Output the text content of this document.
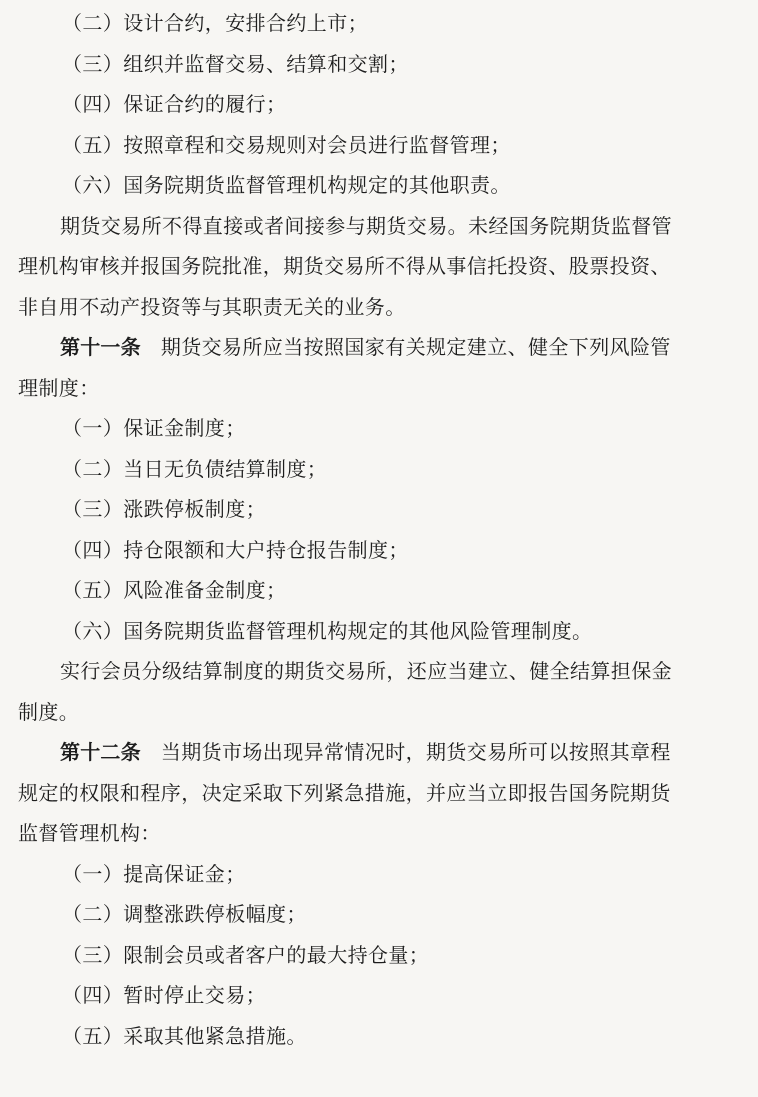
（二）设计合约，安排合约上市；
（三）组织并监督交易、结算和交割；
（四）保证合约的履行；
（五）按照章程和交易规则对会员进行监督管理；
（六）国务院期货监督管理机构规定的其他职责。
期货交易所不得直接或者间接参与期货交易。未经国务院期货监督管
理机构审核并报国务院批准，期货交易所不得从事信托投资、股票投资、
非自用不动产投资等与其职责无关的业务。
第十一条 期货交易所应当按照国家有关规定建立、健全下列风险管
理制度：
（一）保证金制度；
（二）当日无负债结算制度；
（三）涨跌停板制度；
（四）持仓限额和大户持仓报告制度；
（五）风险准备金制度；
（六）国务院期货监督管理机构规定的其他风险管理制度。
实行会员分级结算制度的期货交易所，还应当建立、健全结算担保金
制度。
第十二条 当期货市场出现异常情况时，期货交易所可以按照其章程
规定的权限和程序，决定采取下列紧急措施，并应当立即报告国务院期货
监督管理机构：
（一）提高保证金；
（二）调整涨跌停板幅度；
（三）限制会员或者客户的最大持仓量；
（四）暂时停止交易；
（五）采取其他紧急措施。
